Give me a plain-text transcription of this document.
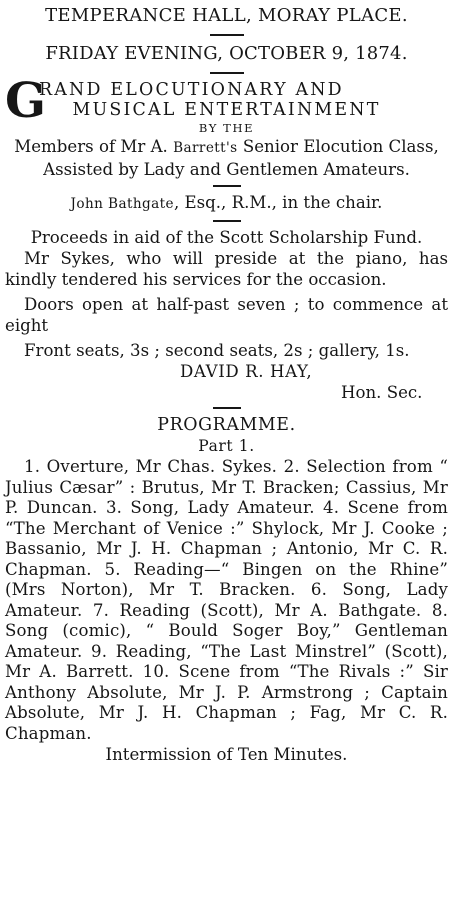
TEMPERANCE HALL, MORAY PLACE.
FRIDAY EVENING, OCTOBER 9, 1874.
G
RAND ELOCUTIONARY AND
MUSICAL ENTERTAINMENT
BY THE
Members of Mr A. Barrett's Senior Elocution Class,
Assisted by Lady and Gentlemen Amateurs.
John Bathgate, Esq., R.M., in the chair.
Proceeds in aid of the Scott Scholarship Fund.
Mr Sykes, who will preside at the piano, has kindly tendered his services for the occasion.
Doors open at half-past seven ; to commence at eight
Front seats, 3s ; second seats, 2s ; gallery, 1s.
DAVID R. HAY,
Hon. Sec.
PROGRAMME.
Part 1.
1. Overture, Mr Chas. Sykes. 2. Selection from “ Julius Cæsar” : Brutus, Mr T. Bracken; Cassius, Mr P. Duncan. 3. Song, Lady Amateur. 4. Scene from “The Merchant of Venice :” Shylock, Mr J. Cooke ; Bassanio, Mr J. H. Chapman ; Antonio, Mr C. R. Chapman. 5. Reading—“ Bingen on the Rhine” (Mrs Norton), Mr T. Bracken. 6. Song, Lady Amateur. 7. Reading (Scott), Mr A. Bathgate. 8. Song (comic), “ Bould Soger Boy,” Gentleman Amateur. 9. Reading, “The Last Minstrel” (Scott), Mr A. Barrett. 10. Scene from “The Rivals :” Sir Anthony Absolute, Mr J. P. Armstrong ; Captain Absolute, Mr J. H. Chapman ; Fag, Mr C. R. Chapman.
Intermission of Ten Minutes.
